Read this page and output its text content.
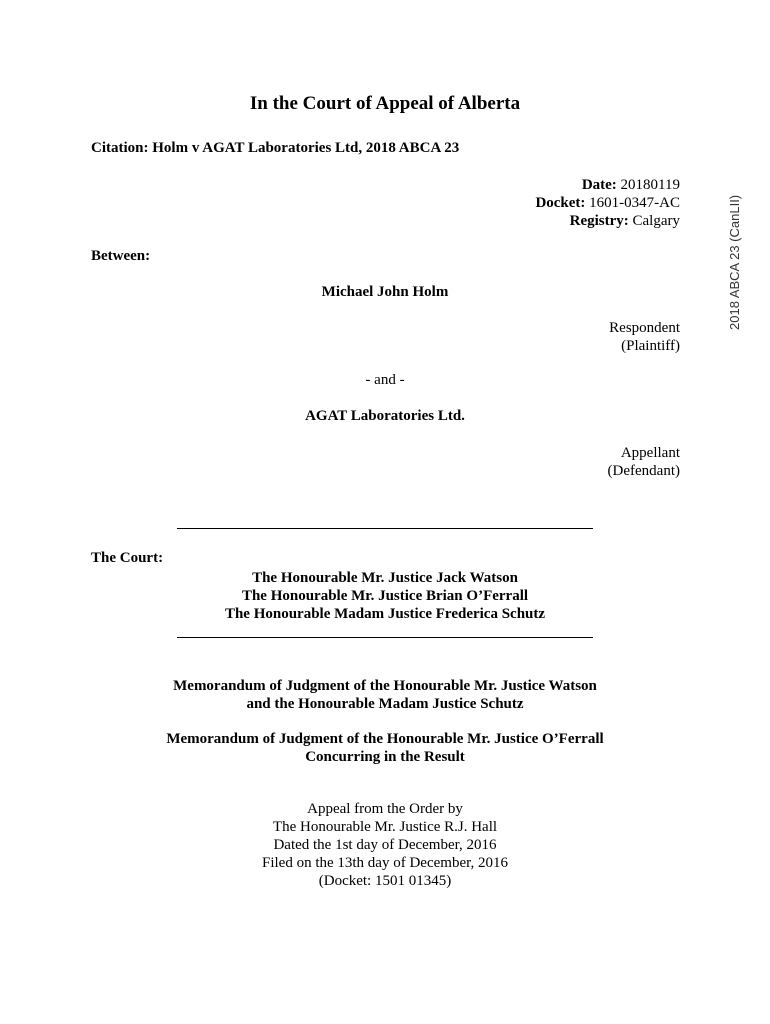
In the Court of Appeal of Alberta
Citation: Holm v AGAT Laboratories Ltd, 2018 ABCA 23
Date: 20180119
Docket: 1601-0347-AC
Registry: Calgary
Between:
Michael John Holm
Respondent
(Plaintiff)
- and -
AGAT Laboratories Ltd.
Appellant
(Defendant)
The Court:
The Honourable Mr. Justice Jack Watson
The Honourable Mr. Justice Brian O’Ferrall
The Honourable Madam Justice Frederica Schutz
Memorandum of Judgment of the Honourable Mr. Justice Watson
and the Honourable Madam Justice Schutz
Memorandum of Judgment of the Honourable Mr. Justice O’Ferrall
Concurring in the Result
Appeal from the Order by
The Honourable Mr. Justice R.J. Hall
Dated the 1st day of December, 2016
Filed on the 13th day of December, 2016
(Docket: 1501 01345)
2018 ABCA 23 (CanLII)
